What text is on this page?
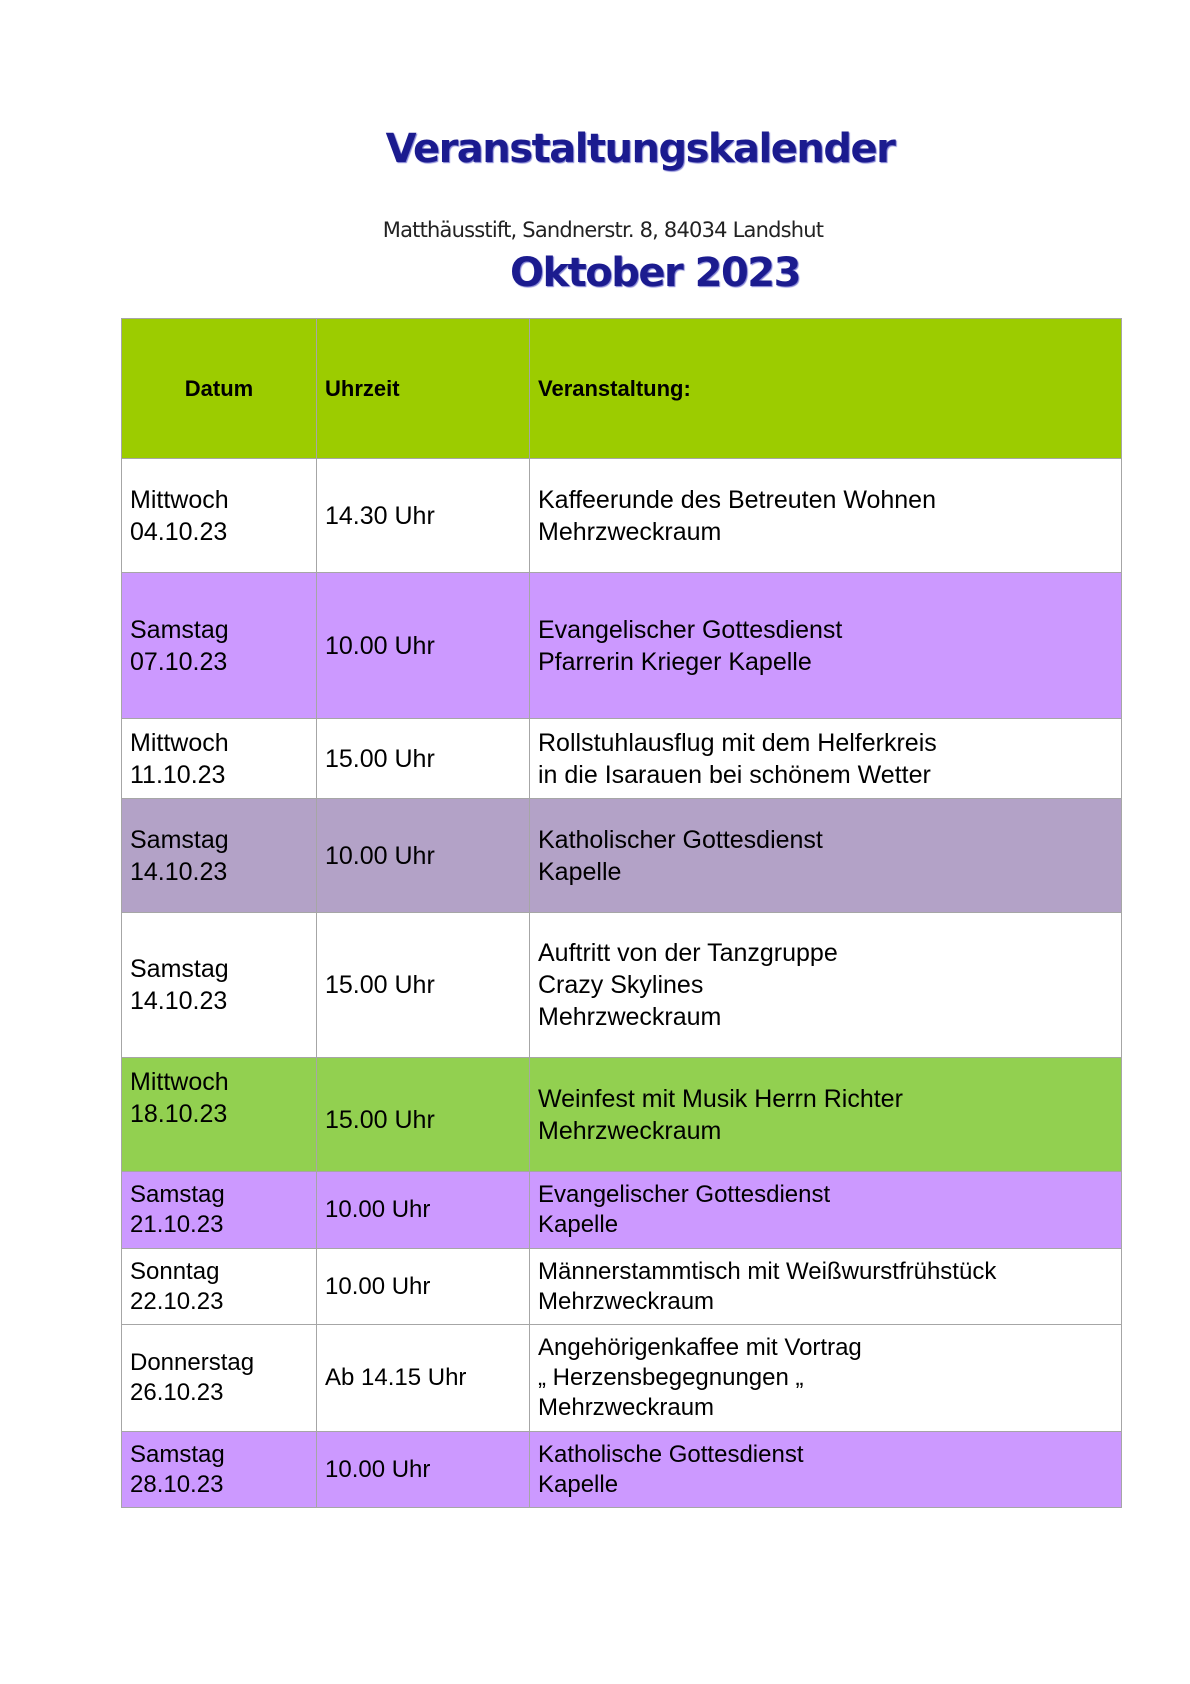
Veranstaltungskalender

Oktober 2023

Matthäusstift, Sandnerstr. 8, 84034 Landshut
Datum	Uhrzeit	Veranstaltung:

Mittwoch
04.10.23	14.30 Uhr	Kaffeerunde des Betreuten Wohnen
Mehrzweckraum

Samstag
07.10.23	10.00 Uhr	Evangelischer Gottesdienst
Pfarrerin Krieger Kapelle

Mittwoch
11.10.23	15.00 Uhr	Rollstuhlausflug mit dem Helferkreis
in die Isarauen bei schönem Wetter

Samstag
14.10.23	10.00 Uhr	Katholischer Gottesdienst
Kapelle

Samstag
14.10.23	15.00 Uhr	Auftritt von der Tanzgruppe
Crazy Skylines
Mehrzweckraum

Mittwoch
18.10.23	15.00 Uhr	Weinfest mit Musik Herrn Richter
Mehrzweckraum

Samstag
21.10.23	10.00 Uhr	Evangelischer Gottesdienst
Kapelle

Sonntag
22.10.23	10.00 Uhr	Männerstammtisch mit Weißwurstfrühstück
Mehrzweckraum

Donnerstag
26.10.23	Ab 14.15 Uhr	Angehörigenkaffee mit Vortrag
„ Herzensbegegnungen „
Mehrzweckraum

Samstag
28.10.23	10.00 Uhr	Katholische Gottesdienst
Kapelle
